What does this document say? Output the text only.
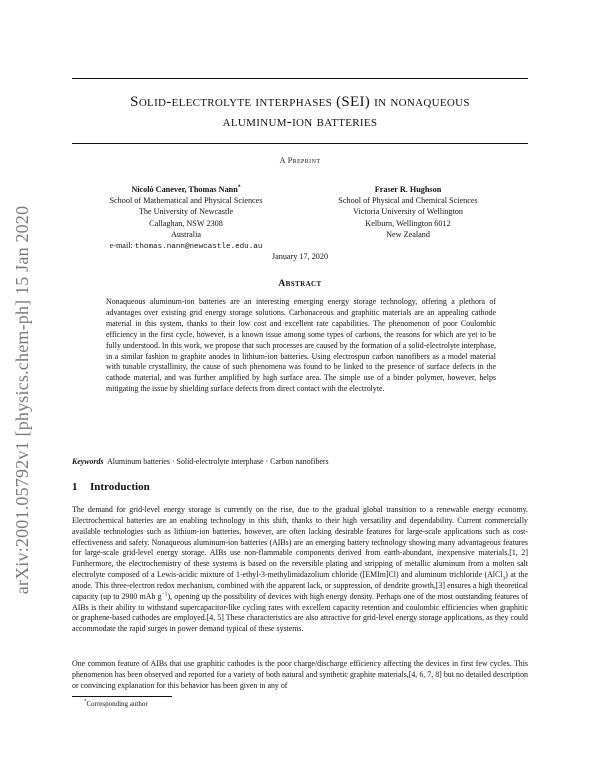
arXiv:2001.05792v1 [physics.chem-ph] 15 Jan 2020
Solid-electrolyte interphases (SEI) in nonaqueous
aluminum-ion batteries
A Preprint
Nicolò Canever, Thomas Nann*
School of Mathematical and Physical Sciences
The University of Newcastle
Callaghan, NSW 2308
Australia
e-mail: thomas.nann@newcastle.edu.au
Fraser R. Hughson
School of Physical and Chemical Sciences
Victoria University of Wellington
Kelburn, Wellington 6012
New Zealand
January 17, 2020
Abstract

Nonaqueous aluminum-ion batteries are an interesting emerging energy storage technology, offering a plethora of advantages over existing grid energy storage solutions. Carbonaceous and graphitic materials are an appealing cathode material in this system, thanks to their low cost and excellent rate capabilities. The phenomenon of poor Coulombic efficiency in the first cycle, however, is a known issue among some types of carbons, the reasons for which are yet to be fully understood. In this work, we propose that such processes are caused by the formation of a solid-electrolyte interphase, in a similar fashion to graphite anodes in lithium-ion batteries. Using electrospun carbon nanofibers as a model material with tunable crystallinity, the cause of such phenomena was found to be linked to the presence of surface defects in the cathode material, and was further amplified by high surface area. The simple use of a binder polymer, however, helps mitigating the issue by shielding surface defects from direct contact with the electrolyte.

Keywords Aluminum batteries · Solid-electrolyte interphase · Carbon nanofibers
1 Introduction

The demand for grid-level energy storage is currently on the rise, due to the gradual global transition to a renewable energy economy. Electrochemical batteries are an enabling technology in this shift, thanks to their high versatility and dependability. Current commercially available technologies such as lithium-ion batteries, however, are often lacking desirable features for large-scale applications such as cost-effectiveness and safety. Nonaqueous aluminum-ion batteries (AIBs) are an emerging battery technology showing many advantageous features for large-scale grid-level energy storage. AIBs use non-flammable components derived from earth-abundant, inexpensive materials.[1, 2] Furthermore, the electrochemistry of these systems is based on the reversible plating and stripping of metallic aluminum from a molten salt electrolyte composed of a Lewis-acidic mixture of 1-ethyl-3-methylimidazolium chloride ([EMIm]Cl) and aluminum trichloride (AlCl$_3$) at the anode. This three-electron redox mechanism, combined with the apparent lack, or suppression, of dendrite growth,[3] ensures a high theoretical capacity (up to 2980 mAh $g^{-1}$), opening up the possibility of devices with high energy density. Perhaps one of the most outstanding features of AIBs is their ability to withstand supercapacitor-like cycling rates with excellent capacity retention and coulombic efficiencies when graphitic or graphene-based cathodes are employed.[4, 5] These characteristics are also attractive for grid-level energy storage applications, as they could accommodate the rapid surges in power demand typical of these systems.

One common feature of AIBs that use graphitic cathodes is the poor charge/discharge efficiency affecting the devices in first few cycles. This phenomenon has been observed and reported for a variety of both natural and synthetic graphite materials,[4, 6, 7, 8] but no detailed description or convincing explanation for this behavior has been given in any of

*Corresponding author
